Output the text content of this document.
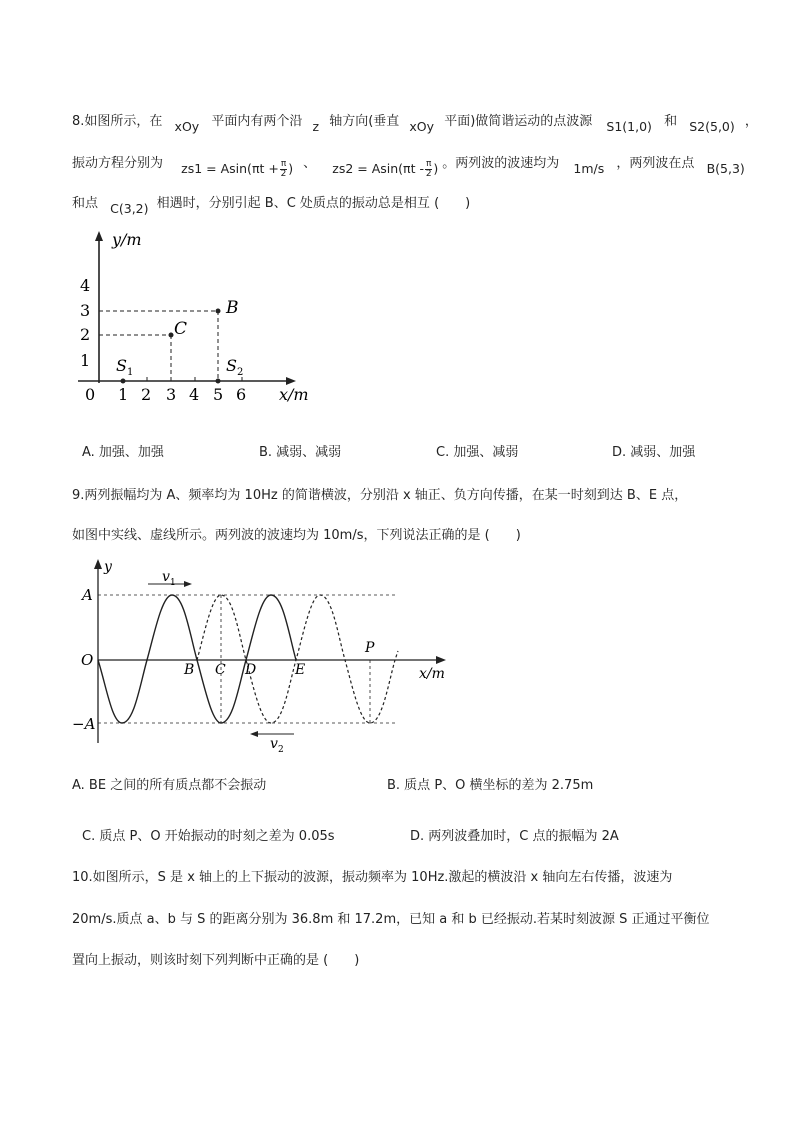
8.如图所示，在 xOy 平面内有两个沿 z 轴方向(垂直 xOy 平面)做简谐运动的点波源 S1(1,0) 和 S2(5,0) ，
振动方程分别为 $zs1 = Asin(\pi t + \frac{\pi}{2}$ ) 、 $zs2 = Asin(\pi t - \frac{\pi}{2}$ ) 。两列波的波速均为 1m/s ，两列波在点 B(5,3)
和点 C(3,2) 相遇时，分别引起 B、C 处质点的振动总是相互 (　　)
y/m
x/m
0 1 2 3 4 5 6
1
2
3
4
B
C
S 1	S 2
A. 加强、加强	B. 减弱、减弱	C. 加强、减弱	D. 减弱、加强
9.两列振幅均为 A、频率均为 10Hz 的简谐横波，分别沿 x 轴正、负方向传播，在某一时刻到达 B、E 点，
如图中实线、虚线所示。两列波的波速均为 10m/s，下列说法正确的是 (　　)
y
A
−A
O
B C D	E
P
x/m
v 1
v 2
A. BE 之间的所有质点都不会振动	B. 质点 P、O 横坐标的差为 2.75m
C. 质点 P、O 开始振动的时刻之差为 0.05s	D. 两列波叠加时，C 点的振幅为 2A
10.如图所示，S 是 x 轴上的上下振动的波源，振动频率为 10Hz.激起的横波沿 x 轴向左右传播，波速为
20m/s.质点 a、b 与 S 的距离分别为 36.8m 和 17.2m，已知 a 和 b 已经振动.若某时刻波源 S 正通过平衡位
置向上振动，则该时刻下列判断中正确的是 (　　)
